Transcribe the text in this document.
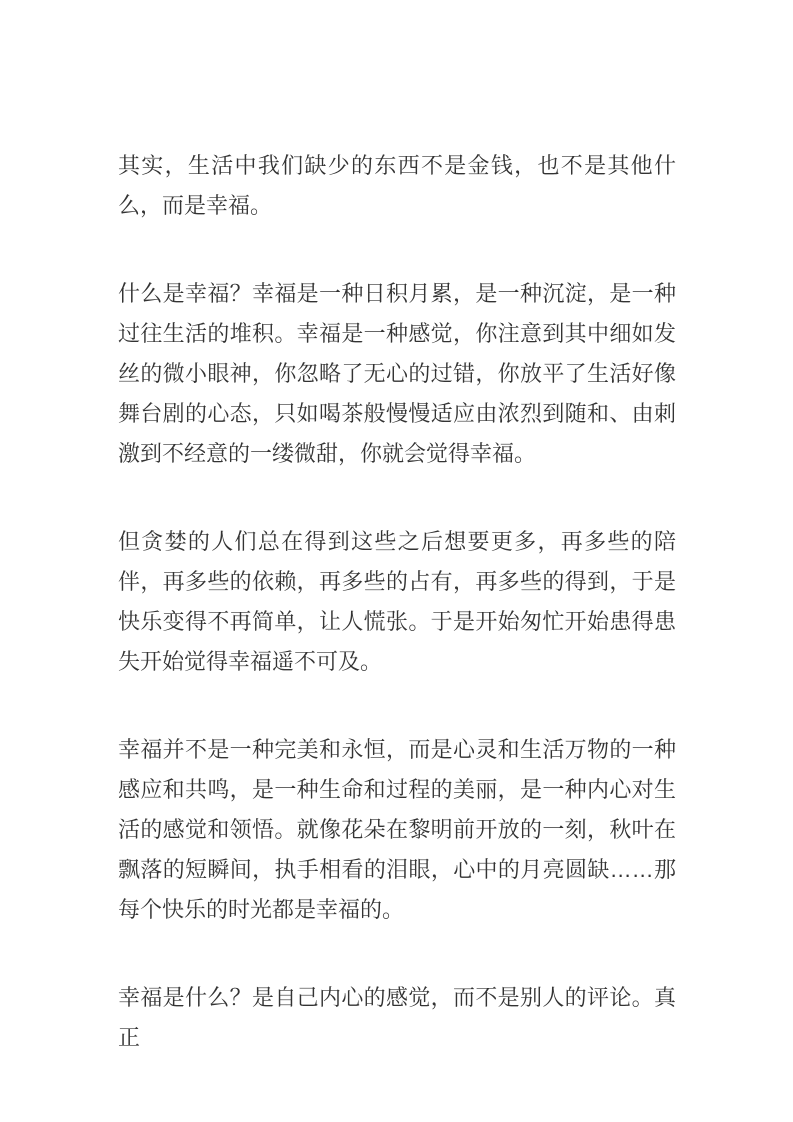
其实，生活中我们缺少的东西不是金钱，也不是其他什么，而是幸福。

什么是幸福？幸福是一种日积月累，是一种沉淀，是一种过往生活的堆积。幸福是一种感觉，你注意到其中细如发丝的微小眼神，你忽略了无心的过错，你放平了生活好像舞台剧的心态，只如喝茶般慢慢适应由浓烈到随和、由刺激到不经意的一缕微甜，你就会觉得幸福。

但贪婪的人们总在得到这些之后想要更多，再多些的陪伴，再多些的依赖，再多些的占有，再多些的得到，于是快乐变得不再简单，让人慌张。于是开始匆忙开始患得患失开始觉得幸福遥不可及。

幸福并不是一种完美和永恒，而是心灵和生活万物的一种感应和共鸣，是一种生命和过程的美丽，是一种内心对生活的感觉和领悟。就像花朵在黎明前开放的一刻，秋叶在飘落的短瞬间，执手相看的泪眼，心中的月亮圆缺……那每个快乐的时光都是幸福的。

幸福是什么？是自己内心的感觉，而不是别人的评论。真正
